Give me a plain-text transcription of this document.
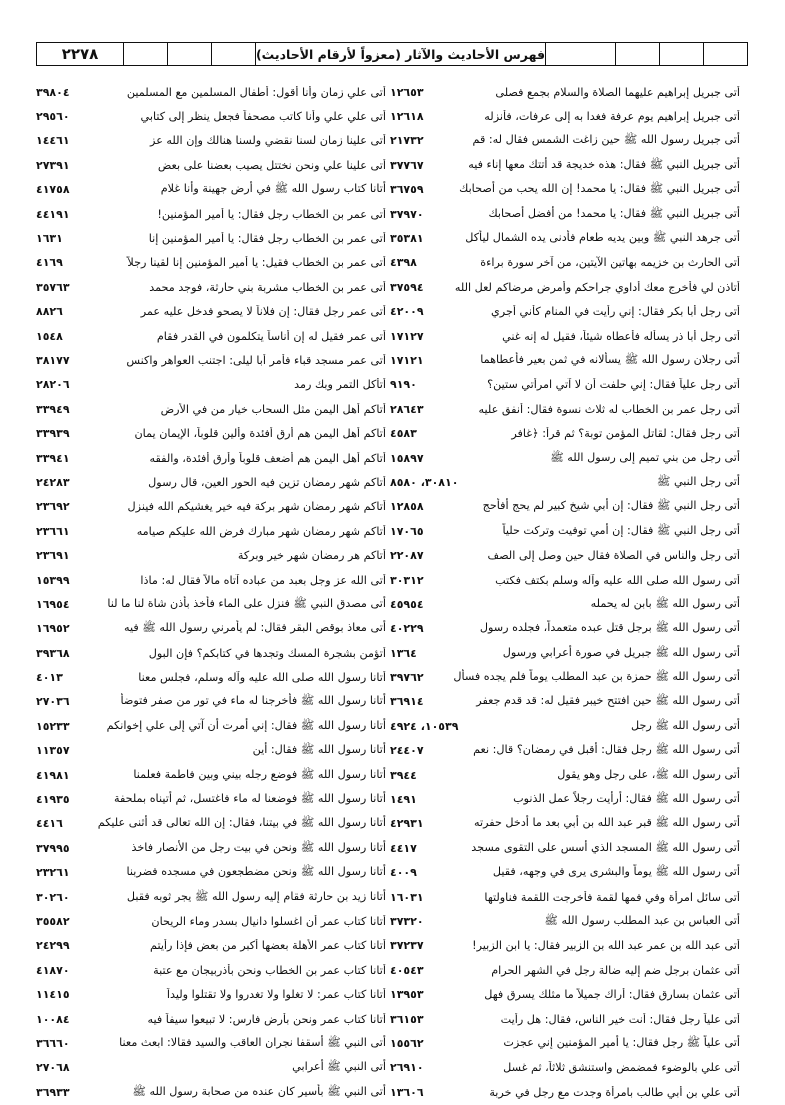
فهرس الأحاديث والآثار (معزواً لأرقام الأحاديث)
٢٢٧٨
أتى جبريل إبراهيم عليهما الصلاة والسلام بجمع فصلى
١٢٦٥٣
أتى جبريل إبراهيم يوم عرفة فغدا به إلى عرفات، فأنزله
١٢٦١٨
أتى جبريل رسول الله ﷺ حين زاغت الشمس فقال له: قم
٢١٧٣٢
أتى جبريل النبي ﷺ فقال: هذه خديجة قد أتتك معها إناء فيه
٣٧٧٦٧
أتى جبريل النبي ﷺ فقال: يا محمد! إن الله يحب من أصحابك
٣٦٧٥٩
أتى جبريل النبي ﷺ فقال: يا محمد! من أفضل أصحابك
٣٧٩٧٠
أتى جرهد النبي ﷺ وبين يديه طعام فأدنى يده الشمال ليأكل
٣٥٣٨١
أتى الحارث بن خزيمه بهاتين الآيتين، من آخر سورة براءة
٤٣٩٨
أتاذن لي فأخرج معك أداوي جراحكم وأمرض مرضاكم لعل الله
٣٧٥٩٤
أتى رجل أبا بكر فقال: إني رأيت في المنام كأني أجري
٤٢٠٠٩
أتى رجل أبا ذر يسأله فأعطاه شيئاً، فقيل له إنه غني
١٧١٢٧
أتى رجلان رسول الله ﷺ يسألانه في ثمن بعير فأعطاهما
١٧١٢١
أتى رجل علياً فقال: إني حلفت أن لا آتي امرأتي ستين؟
٩١٩٠
أتى رجل عمر بن الخطاب له ثلاث نسوة فقال: أنفق عليه
٢٨٦٤٣
أتى رجل فقال: لقاتل المؤمن توبة؟ ثم قرأ: ﴿غافر
٤٥٨٣
أتى رجل من بني تميم إلى رسول الله ﷺ
١٥٨٩٧
أتى رجل النبي ﷺ
٣٠٨١٠، ٨٥٨٠
أتى رجل النبي ﷺ فقال: إن أبي شيخ كبير لم يحج أفأحج
١٢٨٥٨
أتى رجل النبي ﷺ فقال: إن أمي توفيت وتركت حلياً
١٧٠٦٥
أتى رجل والناس في الصلاة فقال حين وصل إلى الصف
٢٢٠٨٧
أتى رسول الله صلى الله عليه وآله وسلم بكتف فكتب
٣٠٣١٢
أتى رسول الله ﷺ بابن له يحمله
٤٥٩٥٤
أتى رسول الله ﷺ برجل قتل عبده متعمداً، فجلده رسول
٤٠٢٢٩
أتى رسول الله ﷺ جبريل في صورة أعرابي ورسول
١٣٦٤
أتى رسول الله ﷺ حمزة بن عبد المطلب يوماً فلم يجده فسأل
٣٩٧٦٢
أتى رسول الله ﷺ حين افتتح خيبر فقيل له: قد قدم جعفر
٣٦٩١٤
أتى رسول الله ﷺ رجل
١٠٥٣٩، ٤٩٢٤
أتى رسول الله ﷺ رجل فقال: أقبل في رمضان؟ قال: نعم
٢٤٤٠٧
أتى رسول الله ﷺ، على رجل وهو يقول
٣٩٤٤
أتى رسول الله ﷺ فقال: أرأيت رجلاً عمل الذنوب
١٤٩١
أتى رسول الله ﷺ قبر عبد الله بن أبي بعد ما أدخل حفرته
٤٢٩٣١
أتى رسول الله ﷺ المسجد الذي أسس على التقوى مسجد
٤٤١٧
أتى رسول الله ﷺ يوماً والبشرى يرى في وجهه، فقيل
٤٠٠٩
أتى سائل امرأة وفي فمها لقمة فأخرجت اللقمة فناولتها
١٦٠٣١
أتى العباس بن عبد المطلب رسول الله ﷺ
٣٧٣٢٠
أتى عبد الله بن عمر عبد الله بن الزبير فقال: يا ابن الزبير!
٣٧٢٣٧
أتى عثمان برجل ضم إليه ضالة رجل في الشهر الحرام
٤٠٥٤٣
أتى عثمان بسارق فقال: أراك جميلاً ما مثلك يسرق فهل
١٣٩٥٣
أتى علياً رجل فقال: أنت خير الناس، فقال: هل رأيت
٣٦١٥٣
أتى علياً ﷺ رجل فقال: يا أمير المؤمنين إني عجزت
١٥٥٦٢
أتى علي بالوضوء فمضمض واستنشق ثلاثاً، ثم غسل
٢٦٩١٠
أتى علي بن أبي طالب بامرأة وجدت مع رجل في خربة
١٣٦٠٦
أتى علي زمان وأنا أقول: أطفال المسلمين مع المسلمين
٣٩٨٠٤
أتى علي علي وأنا كاتب مصحفاً فجعل ينظر إلى كتابي
٢٩٥٦٠
أتى علينا زمان لسنا نقضي ولسنا هنالك وإن الله عز
١٤٤٦١
أتى علينا علي ونحن نختتل يصيب بعضنا على بعض
٢٧٣٩١
أتانا كتاب رسول الله ﷺ في أرض جهينة وأنا غلام
٤١٧٥٨
أتى عمر بن الخطاب رجل فقال: يا أمير المؤمنين!
٤٤١٩١
أتى عمر بن الخطاب رجل فقال: يا أمير المؤمنين إنا
١٦٣١
أتى عمر بن الخطاب فقيل: يا أمير المؤمنين إنا لقينا رجلاً
٤١٦٩
أتى عمر بن الخطاب مشربة بني حارثة، فوجد محمد
٣٥٧٦٣
أتى عمر رجل فقال: إن فلاناً لا يصحو فدخل عليه عمر
٨٨٢٦
أتى عمر فقيل له إن أناساً يتكلمون في القدر فقام
١٥٤٨
أتى عمر مسجد قباء فأمر أبا ليلى: اجتنب العواهر واكنس
٣٨١٧٧
أتأكل التمر وبك رمد
٢٨٢٠٦
أتاكم أهل اليمن مثل السحاب خيار من في الأرض
٣٣٩٤٩
أتاكم أهل اليمن هم أرق أفئدة وألين قلوباً، الإيمان يمان
٣٣٩٣٩
أتاكم أهل اليمن هم أضعف قلوباً وأرق أفئدة، والفقه
٣٣٩٤١
أتاكم شهر رمضان تزين فيه الحور العين، قال رسول
٢٤٢٨٣
أتاكم شهر رمضان شهر بركة فيه خير يغشيكم الله فينزل
٢٣٦٩٢
أتاكم شهر رمضان شهر مبارك فرض الله عليكم صيامه
٢٣٦٦١
أتاكم هر رمضان شهر خير وبركة
٢٣٦٩١
أتى الله عز وجل بعبد من عباده آتاه مالاً فقال له: ماذا
١٥٣٩٩
أتى مصدق النبي ﷺ فنزل على الماء فأخذ بأذن شاة لنا ما لنا
١٦٩٥٤
أتى معاذ بوقص البقر فقال: لم يأمرني رسول الله ﷺ فيه
١٦٩٥٢
أتؤمن بشجرة المسك وتجدها في كتابكم؟ فإن البول
٣٩٣٦٨
أتانا رسول الله صلى الله عليه وآله وسلم، فجلس معنا
٤٠١٣
أتانا رسول الله ﷺ فأخرجنا له ماء في تور من صفر فتوضأ
٢٧٠٣٦
أتانا رسول الله ﷺ فقال: إني أمرت أن آتي إلى علي إخوانكم
١٥٢٣٣
أتانا رسول الله ﷺ فقال: أين
١١٣٥٧
أتانا رسول الله ﷺ فوضع رجله بيني وبين فاطمة فعلمنا
٤١٩٨١
أتانا رسول الله ﷺ فوضعنا له ماء فاغتسل، ثم أتيناه بملحفة
٤١٩٣٥
أتانا رسول الله ﷺ في بيتنا، فقال: إن الله تعالى قد أثنى عليكم
٤٤١٦
أتانا رسول الله ﷺ ونحن في بيت رجل من الأنصار فاخذ
٣٧٩٩٥
أتانا رسول الله ﷺ ونحن مضطجعون في مسجده فضربنا
٢٣٢٦١
أتانا زيد بن حارثة فقام إليه رسول الله ﷺ يجر ثوبه فقبل
٣٠٢٦٠
أتانا كتاب عمر أن اغسلوا دانيال بسدر وماء الريحان
٣٥٥٨٢
أتانا كتاب عمر الأهلة بعضها أكبر من بعض فإذا رأيتم
٢٤٢٩٩
أتانا كتاب عمر بن الخطاب ونحن بأذربيجان مع عتبة
٤١٨٧٠
أتانا كتاب عمر: لا تغلوا ولا تغدروا ولا تقتلوا وليداً
١١٤١٥
أتانا كتاب عمر ونحن بأرض فارس: لا تبيعوا سيفاً فيه
١٠٠٨٤
أتى النبي ﷺ أسقفا نجران العاقب والسيد فقالا: ابعث معنا
٣٦٦٦٠
أتى النبي ﷺ أعرابي
٢٧٠٦٨
أتى النبي ﷺ بأسير كان عنده من صحابة رسول الله ﷺ
٣٦٩٣٣
